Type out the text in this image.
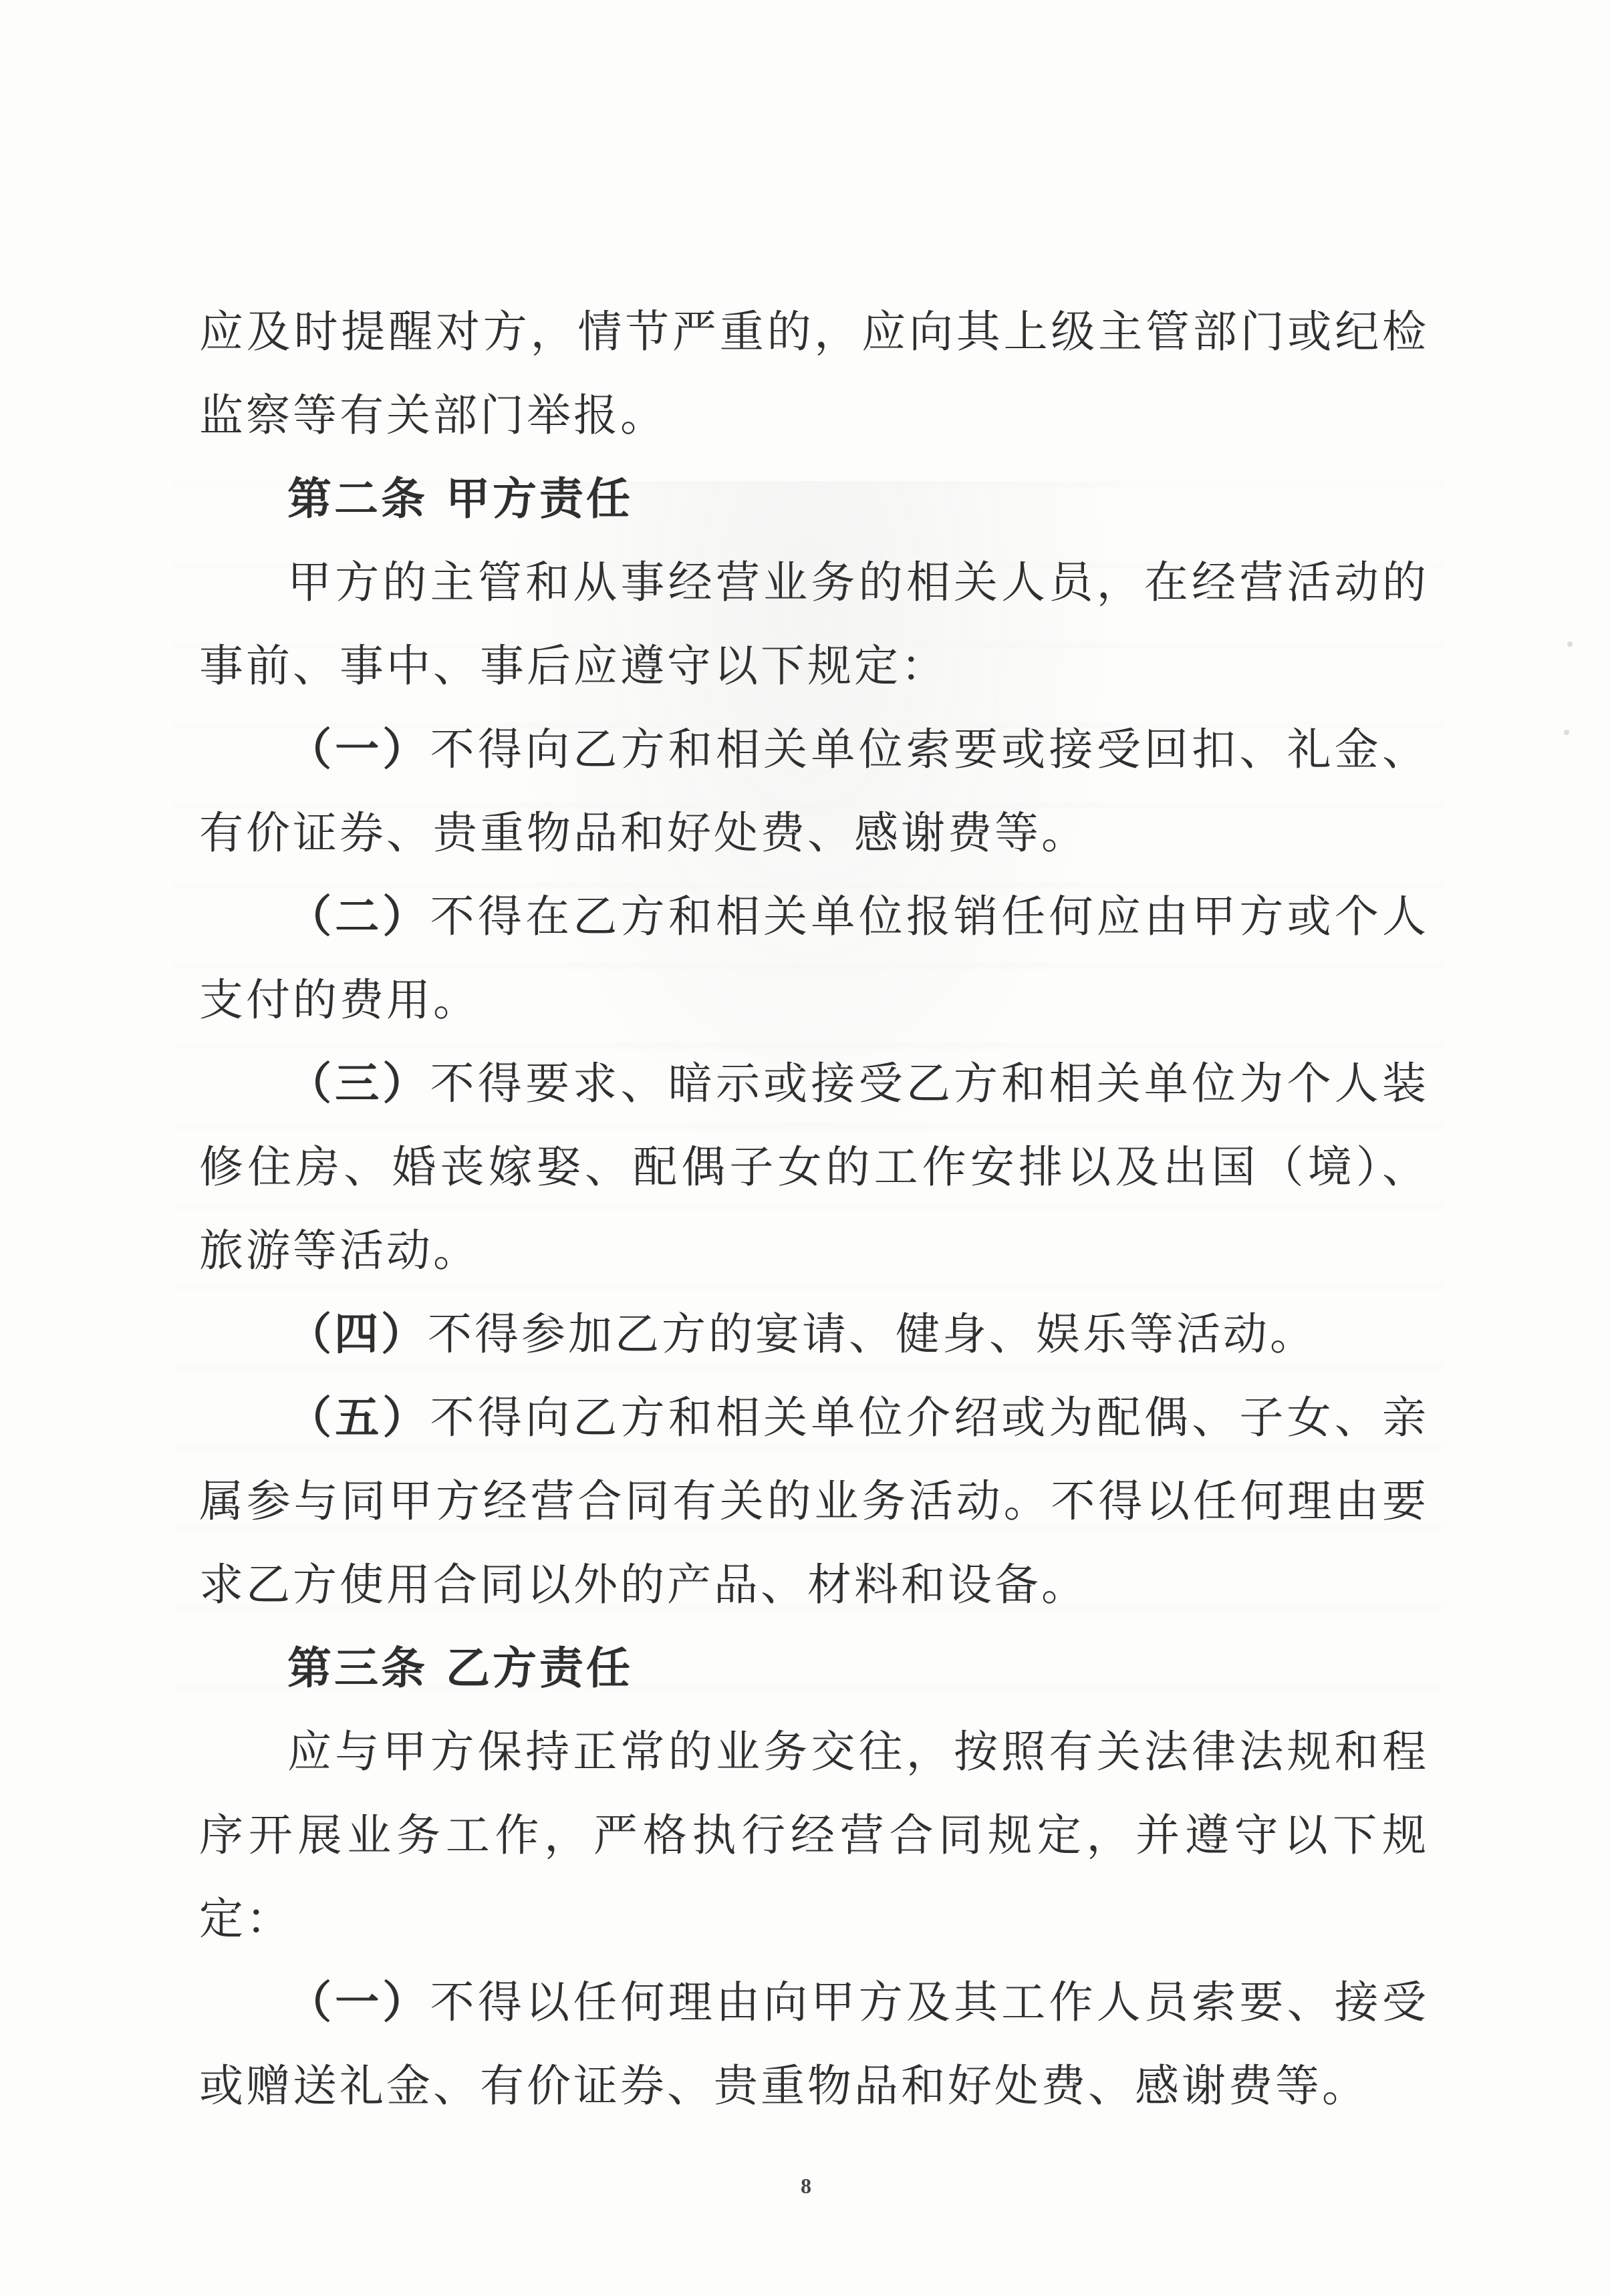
应及时提醒对方，情节严重的，应向其上级主管部门或纪检监察等有关部门举报。

第二条 甲方责任

甲方的主管和从事经营业务的相关人员，在经营活动的事前、事中、事后应遵守以下规定：

（一）不得向乙方和相关单位索要或接受回扣、礼金、有价证券、贵重物品和好处费、感谢费等。

（二）不得在乙方和相关单位报销任何应由甲方或个人支付的费用。

（三）不得要求、暗示或接受乙方和相关单位为个人装修住房、婚丧嫁娶、配偶子女的工作安排以及出国（境）、旅游等活动。

（四）不得参加乙方的宴请、健身、娱乐等活动。

（五）不得向乙方和相关单位介绍或为配偶、子女、亲属参与同甲方经营合同有关的业务活动。不得以任何理由要求乙方使用合同以外的产品、材料和设备。

第三条 乙方责任

应与甲方保持正常的业务交往，按照有关法律法规和程序开展业务工作，严格执行经营合同规定，并遵守以下规定：

（一）不得以任何理由向甲方及其工作人员索要、接受或赠送礼金、有价证券、贵重物品和好处费、感谢费等。

8
